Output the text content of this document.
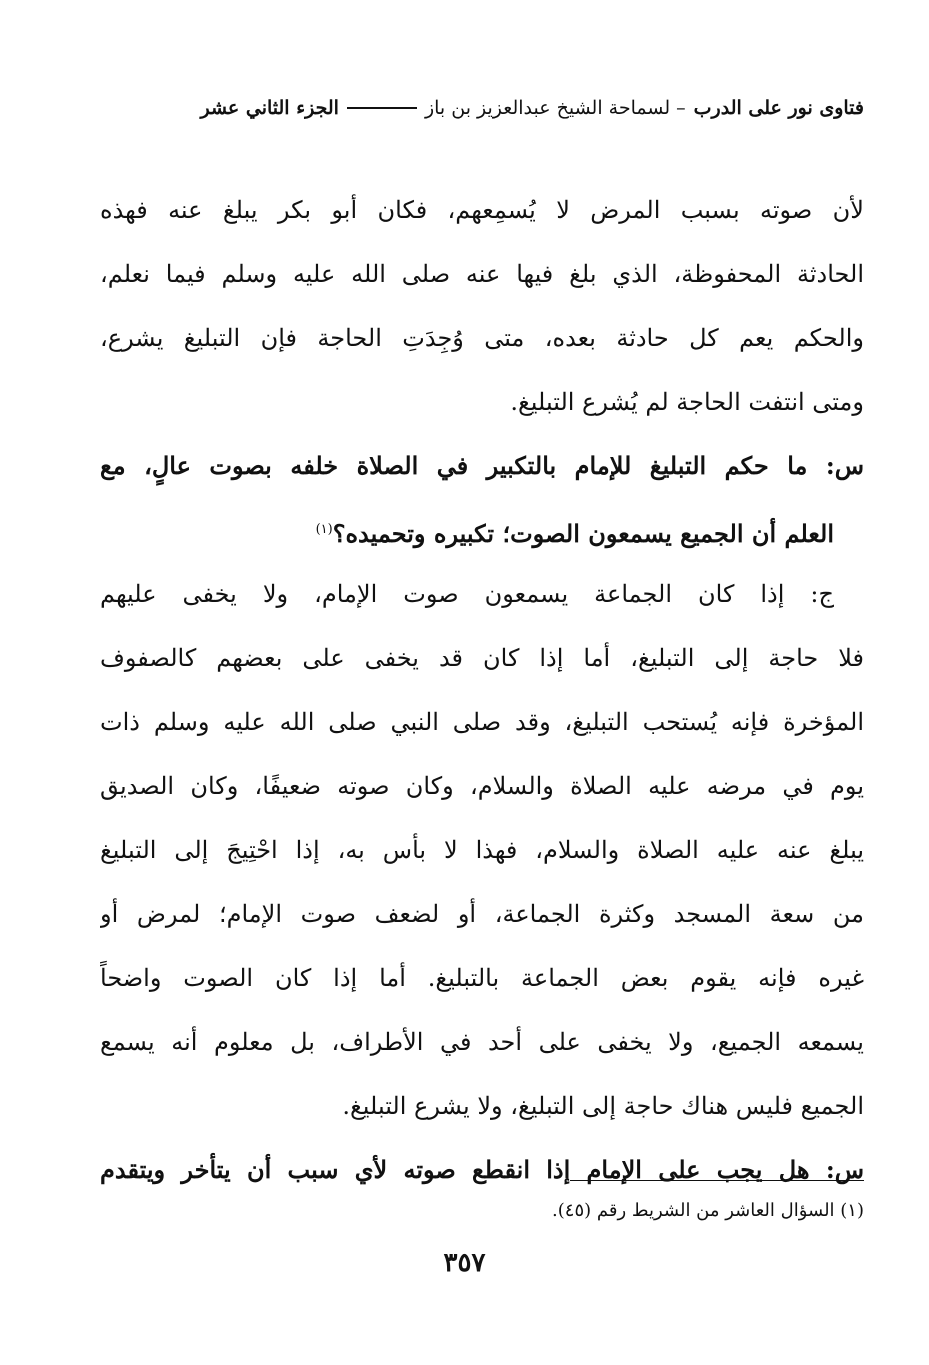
فتاوى نور على الدرب
– لسماحة الشيخ عبدالعزيز بن باز
الجزء الثاني عشر
لأن صوته بسبب المرض لا يُسمِعهم، فكان أبو بكر يبلغ عنه فهذه
الحادثة المحفوظة، الذي بلغ فيها عنه صلى الله عليه وسلم فيما نعلم،
والحكم يعم كل حادثة بعده، متى وُجِدَتِ الحاجة فإن التبليغ يشرع،
ومتى انتفت الحاجة لم يُشرع التبليغ.
س: ما حكم التبليغ للإمام بالتكبير في الصلاة خلفه بصوت عالٍ، مع
العلم أن الجميع يسمعون الصوت؛ تكبيره وتحميده؟$^{(١)}$
ج: إذا كان الجماعة يسمعون صوت الإمام، ولا يخفى عليهم
فلا حاجة إلى التبليغ، أما إذا كان قد يخفى على بعضهم كالصفوف
المؤخرة فإنه يُستحب التبليغ، وقد صلى النبي صلى الله عليه وسلم ذات
يوم في مرضه عليه الصلاة والسلام، وكان صوته ضعيفًا، وكان الصديق
يبلغ عنه عليه الصلاة والسلام، فهذا لا بأس به، إذا احْتِيجَ إلى التبليغ
من سعة المسجد وكثرة الجماعة، أو لضعف صوت الإمام؛ لمرض أو
غيره فإنه يقوم بعض الجماعة بالتبليغ. أما إذا كان الصوت واضحاً
يسمعه الجميع، ولا يخفى على أحد في الأطراف، بل معلوم أنه يسمع
الجميع فليس هناك حاجة إلى التبليغ، ولا يشرع التبليغ.
س: هل يجب على الإمام إذا انقطع صوته لأي سبب أن يتأخر ويتقدم
(١) السؤال العاشر من الشريط رقم (٤٥).
٣٥٧
